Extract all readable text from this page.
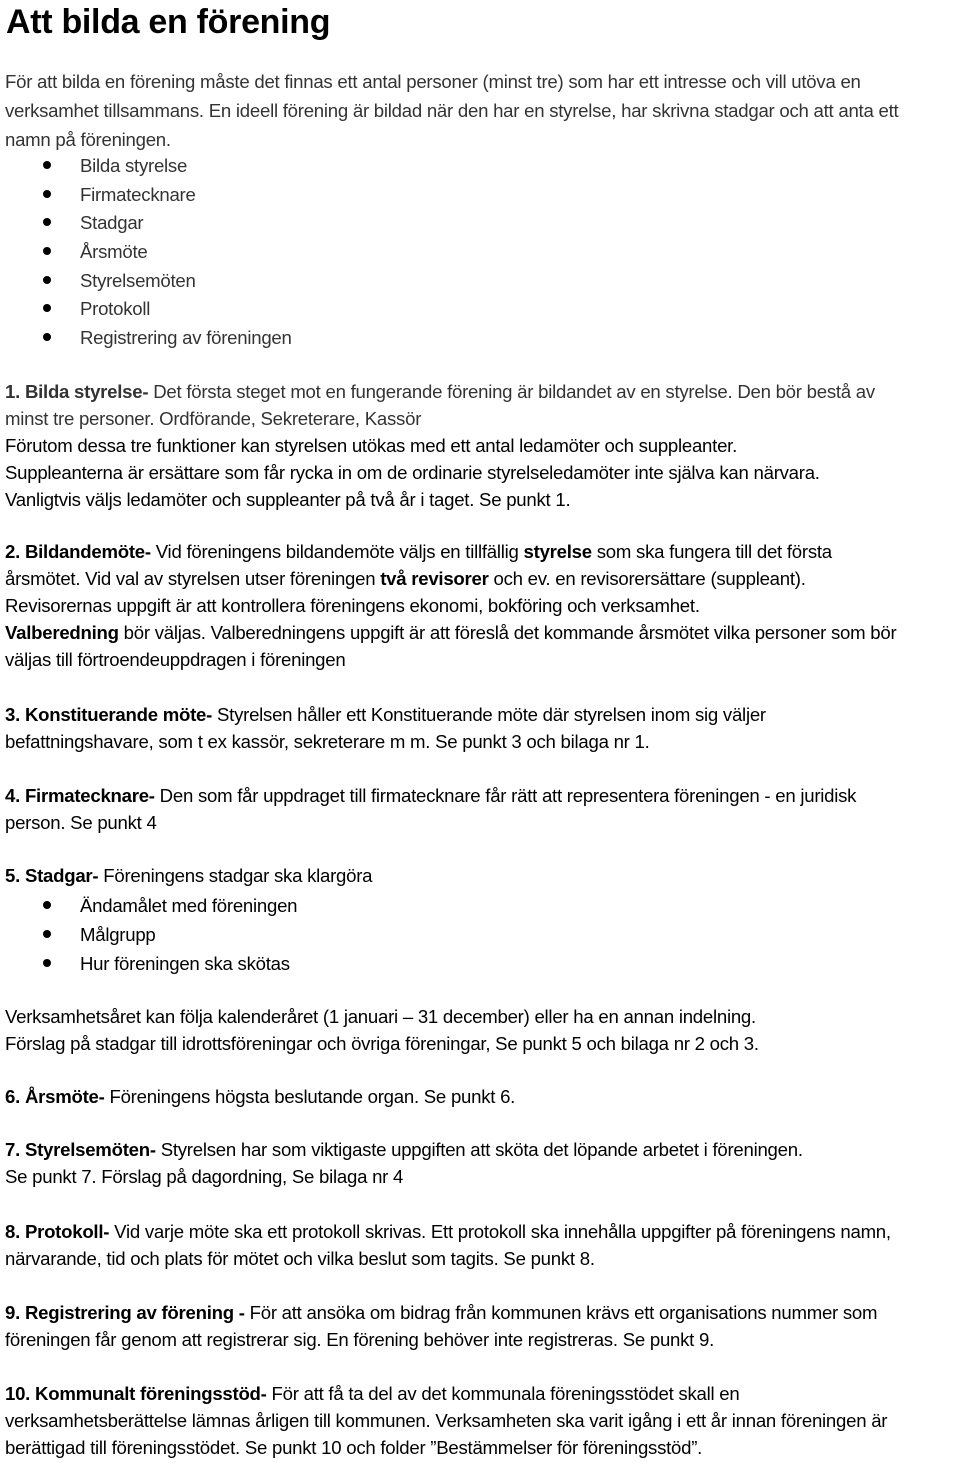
Att bilda en förening
För att bilda en förening måste det finnas ett antal personer (minst tre) som har ett intresse och vill utöva en
verksamhet tillsammans. En ideell förening är bildad när den har en styrelse, har skrivna stadgar och att anta ett
namn på föreningen.
Bilda styrelse
Firmatecknare
Stadgar
Årsmöte
Styrelsemöten
Protokoll
Registrering av föreningen
1. Bilda styrelse- Det första steget mot en fungerande förening är bildandet av en styrelse. Den bör bestå av
minst tre personer. Ordförande, Sekreterare, Kassör
Förutom dessa tre funktioner kan styrelsen utökas med ett antal ledamöter och suppleanter.
Suppleanterna är ersättare som får rycka in om de ordinarie styrelseledamöter inte själva kan närvara.
Vanligtvis väljs ledamöter och suppleanter på två år i taget. Se punkt 1.
2. Bildandemöte- Vid föreningens bildandemöte väljs en tillfällig styrelse som ska fungera till det första
årsmötet. Vid val av styrelsen utser föreningen två revisorer och ev. en revisorersättare (suppleant).
Revisorernas uppgift är att kontrollera föreningens ekonomi, bokföring och verksamhet.
Valberedning bör väljas. Valberedningens uppgift är att föreslå det kommande årsmötet vilka personer som bör
väljas till förtroendeuppdragen i föreningen
3. Konstituerande möte- Styrelsen håller ett Konstituerande möte där styrelsen inom sig väljer
befattningshavare, som t ex kassör, sekreterare m m. Se punkt 3 och bilaga nr 1.
4. Firmatecknare- Den som får uppdraget till firmatecknare får rätt att representera föreningen - en juridisk
person. Se punkt 4
5. Stadgar- Föreningens stadgar ska klargöra
Ändamålet med föreningen
Målgrupp
Hur föreningen ska skötas
Verksamhetsåret kan följa kalenderåret (1 januari – 31 december) eller ha en annan indelning.
Förslag på stadgar till idrottsföreningar och övriga föreningar, Se punkt 5 och bilaga nr 2 och 3.
6. Årsmöte- Föreningens högsta beslutande organ. Se punkt 6.
7. Styrelsemöten- Styrelsen har som viktigaste uppgiften att sköta det löpande arbetet i föreningen.
Se punkt 7. Förslag på dagordning, Se bilaga nr 4
8. Protokoll- Vid varje möte ska ett protokoll skrivas. Ett protokoll ska innehålla uppgifter på föreningens namn,
närvarande, tid och plats för mötet och vilka beslut som tagits. Se punkt 8.
9. Registrering av förening - För att ansöka om bidrag från kommunen krävs ett organisations nummer som
föreningen får genom att registrerar sig. En förening behöver inte registreras. Se punkt 9.
10. Kommunalt föreningsstöd- För att få ta del av det kommunala föreningsstödet skall en
verksamhetsberättelse lämnas årligen till kommunen. Verksamheten ska varit igång i ett år innan föreningen är
berättigad till föreningsstödet. Se punkt 10 och folder ”Bestämmelser för föreningsstöd”.
